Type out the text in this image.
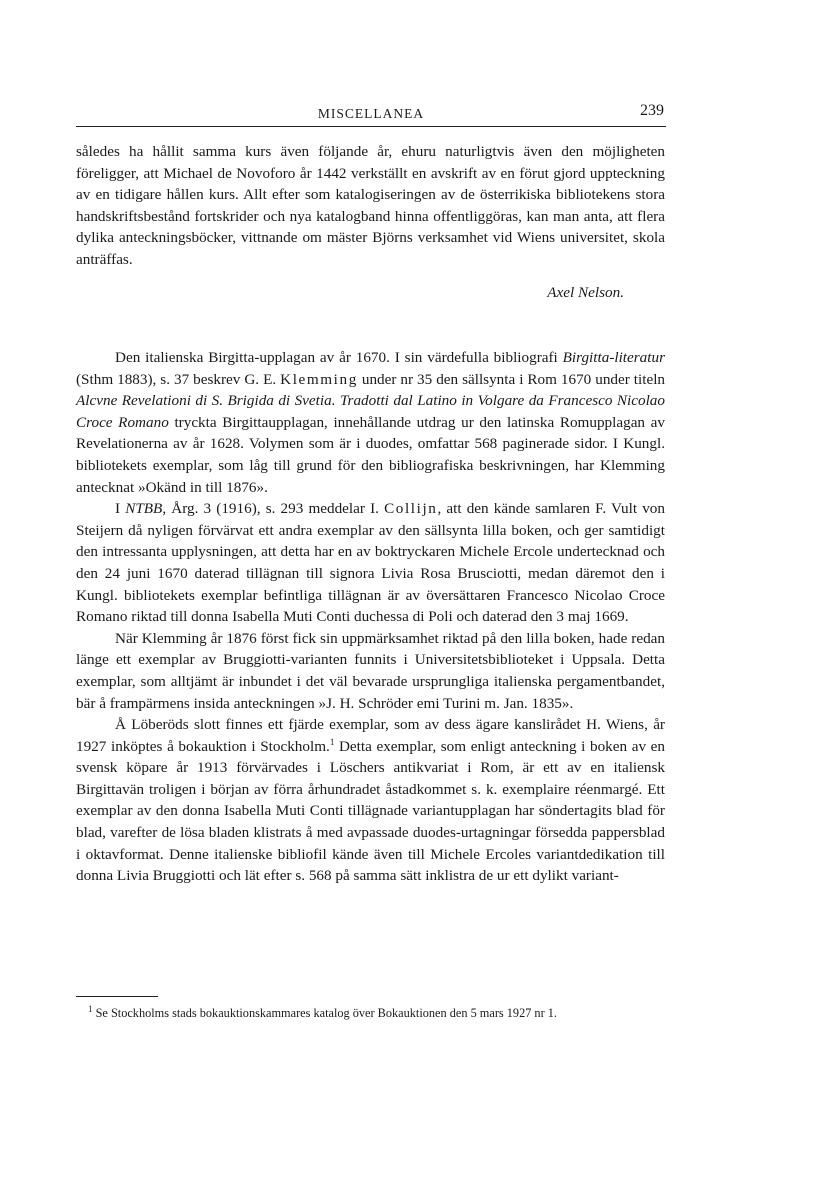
MISCELLANEA	239
således ha hållit samma kurs även följande år, ehuru naturligtvis även den möjligheten föreligger, att Michael de Novoforo år 1442 verkställt en avskrift av en förut gjord uppteckning av en tidigare hållen kurs. Allt efter som katalogiseringen av de österrikiska bibliotekens stora handskriftsbestånd fortskrider och nya katalogband hinna offentliggöras, kan man anta, att flera dylika anteckningsböcker, vittnande om mäster Björns verksamhet vid Wiens universitet, skola anträffas.
Axel Nelson.

Den italienska Birgitta-upplagan av år 1670. I sin värdefulla bibliografi Birgitta-literatur (Sthm 1883), s. 37 beskrev G. E. Klemming under nr 35 den sällsynta i Rom 1670 under titeln Alcvne Revelationi di S. Brigida di Svetia. Tradotti dal Latino in Volgare da Francesco Nicolao Croce Romano tryckta Birgittaupplagan, innehållande utdrag ur den latinska Romupplagan av Revelationerna av år 1628. Volymen som är i duodes, omfattar 568 paginerade sidor. I Kungl. bibliotekets exemplar, som låg till grund för den bibliografiska beskrivningen, har Klemming antecknat »Okänd in till 1876».

I NTBB, Årg. 3 (1916), s. 293 meddelar I. Collijn, att den kände samlaren F. Vult von Steijern då nyligen förvärvat ett andra exemplar av den sällsynta lilla boken, och ger samtidigt den intressanta upplysningen, att detta har en av boktryckaren Michele Ercole undertecknad och den 24 juni 1670 daterad tillägnan till signora Livia Rosa Brusciotti, medan däremot den i Kungl. bibliotekets exemplar befintliga tillägnan är av översättaren Francesco Nicolao Croce Romano riktad till donna Isabella Muti Conti duchessa di Poli och daterad den 3 maj 1669.

När Klemming år 1876 först fick sin uppmärksamhet riktad på den lilla boken, hade redan länge ett exemplar av Bruggiotti-varianten funnits i Universitetsbiblioteket i Uppsala. Detta exemplar, som alltjämt är inbundet i det väl bevarade ursprungliga italienska pergamentbandet, bär å frampärmens insida anteckningen »J. H. Schröder emi Turini m. Jan. 1835».

Å Löberöds slott finnes ett fjärde exemplar, som av dess ägare kanslirådet H. Wiens, år 1927 inköptes å bokauktion i Stockholm.$^1$ Detta exemplar, som enligt anteckning i boken av en svensk köpare år 1913 förvärvades i Löschers antikvariat i Rom, är ett av en italiensk Birgittavän troligen i början av förra århundradet åstadkommet s. k. exemplaire réenmargé. Ett exemplar av den donna Isabella Muti Conti tillägnade variantupplagan har söndertagits blad för blad, varefter de lösa bladen klistrats å med avpassade duodes-urtagningar försedda pappersblad i oktavformat. Denne italienske bibliofil kände även till Michele Ercoles variantdedikation till donna Livia Bruggiotti och lät efter s. 568 på samma sätt inklistra de ur ett dylikt variant-

$^1$ Se Stockholms stads bokauktionskammares katalog över Bokauktionen den 5 mars 1927 nr 1.
